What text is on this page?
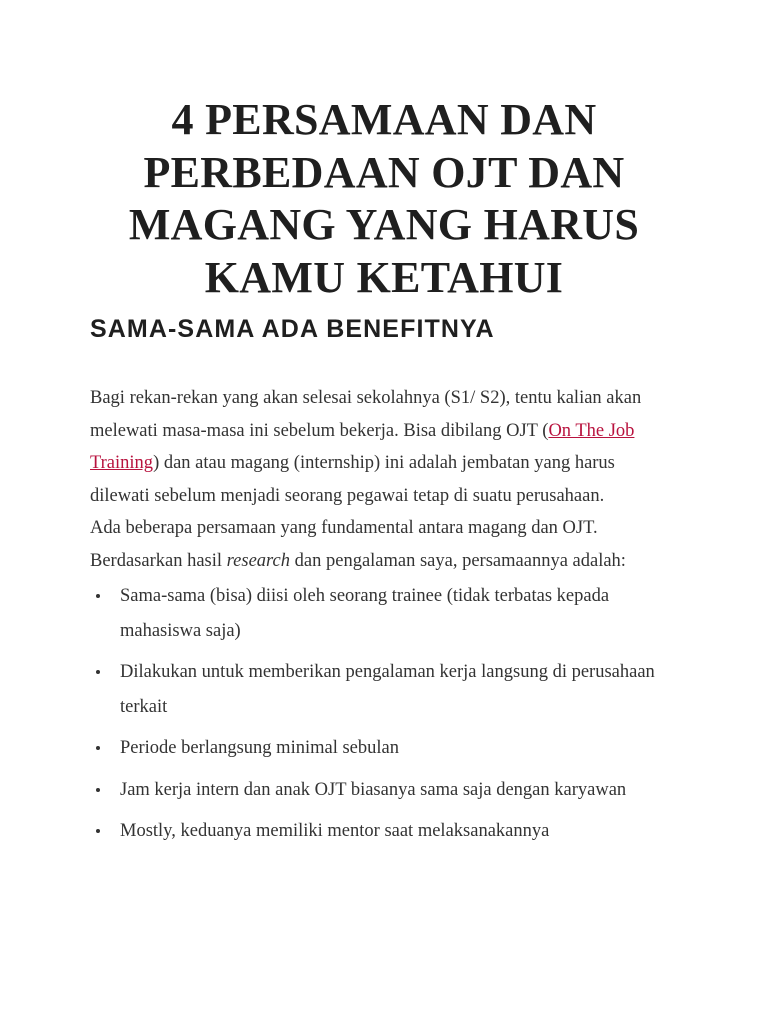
4 PERSAMAAN DAN PERBEDAAN OJT DAN MAGANG YANG HARUS KAMU KETAHUI
SAMA-SAMA ADA BENEFITNYA

Bagi rekan-rekan yang akan selesai sekolahnya (S1/ S2), tentu kalian akan melewati masa-masa ini sebelum bekerja. Bisa dibilang OJT (On The Job Training) dan atau magang (internship) ini adalah jembatan yang harus dilewati sebelum menjadi seorang pegawai tetap di suatu perusahaan.

Ada beberapa persamaan yang fundamental antara magang dan OJT. Berdasarkan hasil research dan pengalaman saya, persamaannya adalah:

Sama-sama (bisa) diisi oleh seorang trainee (tidak terbatas kepada mahasiswa saja)
Dilakukan untuk memberikan pengalaman kerja langsung di perusahaan terkait
Periode berlangsung minimal sebulan
Jam kerja intern dan anak OJT biasanya sama saja dengan karyawan
Mostly, keduanya memiliki mentor saat melaksanakannya
